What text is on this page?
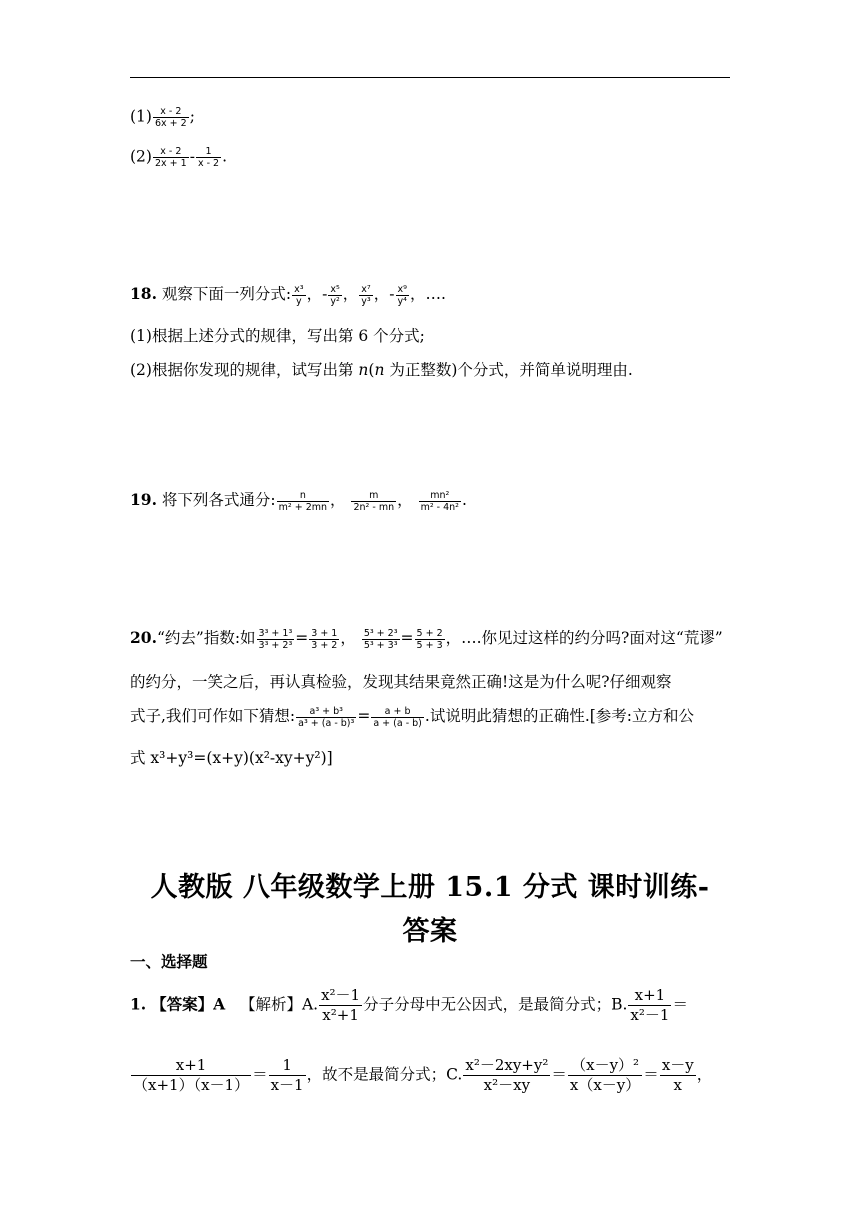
$(1) \frac{x - 2}{6x + 2}$ ;
$(2) \frac{x - 2}{2x + 1} - \frac{1}{x - 2}$ .
18. 观察下面一列分式: $\frac{\text{x³}}{y}$ ，- $\frac{\text{x⁵}}{\text{y²}}$ ， $\frac{\text{x⁷}}{\text{y³}}$ ，- $\frac{\text{x⁹}}{\text{y⁴}}$ ，….
(1)根据上述分式的规律，写出第 6 个分式;
(2)根据你发现的规律，试写出第 n(n 为正整数)个分式，并简单说明理由.
19. 将下列各式通分: $\frac{n}{\text{m² + 2mn}}$ ， $\frac{m}{\text{2n² - mn}}$ ， $\frac{\text{mn²}}{\text{m² - 4n²}}$ .
20.“约去”指数:如 $\frac{\text{3³ + 1³}}{\text{3³ + 2³}} = \frac{3 + 1}{3 + 2}$ ， $\frac{\text{5³ + 2³}}{\text{5³ + 3³}} = \frac{5 + 2}{5 + 3}$ ，….你见过这样的约分吗?面对这“荒谬”
的约分，一笑之后，再认真检验，发现其结果竟然正确!这是为什么呢?仔细观察
式子,我们可作如下猜想: $\frac{\text{a³ + b³}}{\text{a³ + (a - b)³}} = \frac{a + b}{a + (a - b)}$ .试说明此猜想的正确性.[参考:立方和公
式 x³+y³=(x+y)(x²-xy+y²)]
人教版 八年级数学上册 15.1 分式 课时训练-
答案
一、选择题
1. 【答案】A 【解析】A. $\frac{\text{x²－1}}{\text{x²+1}}$ 分子分母中无公因式，是最简分式；B. $\frac{x+1}{\text{x²－1}}$ ＝
$\frac{x+1}{(x+1)(x-1)} = \frac{1}{x-1}$ ，故不是最简分式；C. $\frac{\text{x²－2xy+y²}}{\text{x²－xy}} = \frac{\text{（x－y）²}}{x(x-y)} = \frac{x-y}{x}$ ，
